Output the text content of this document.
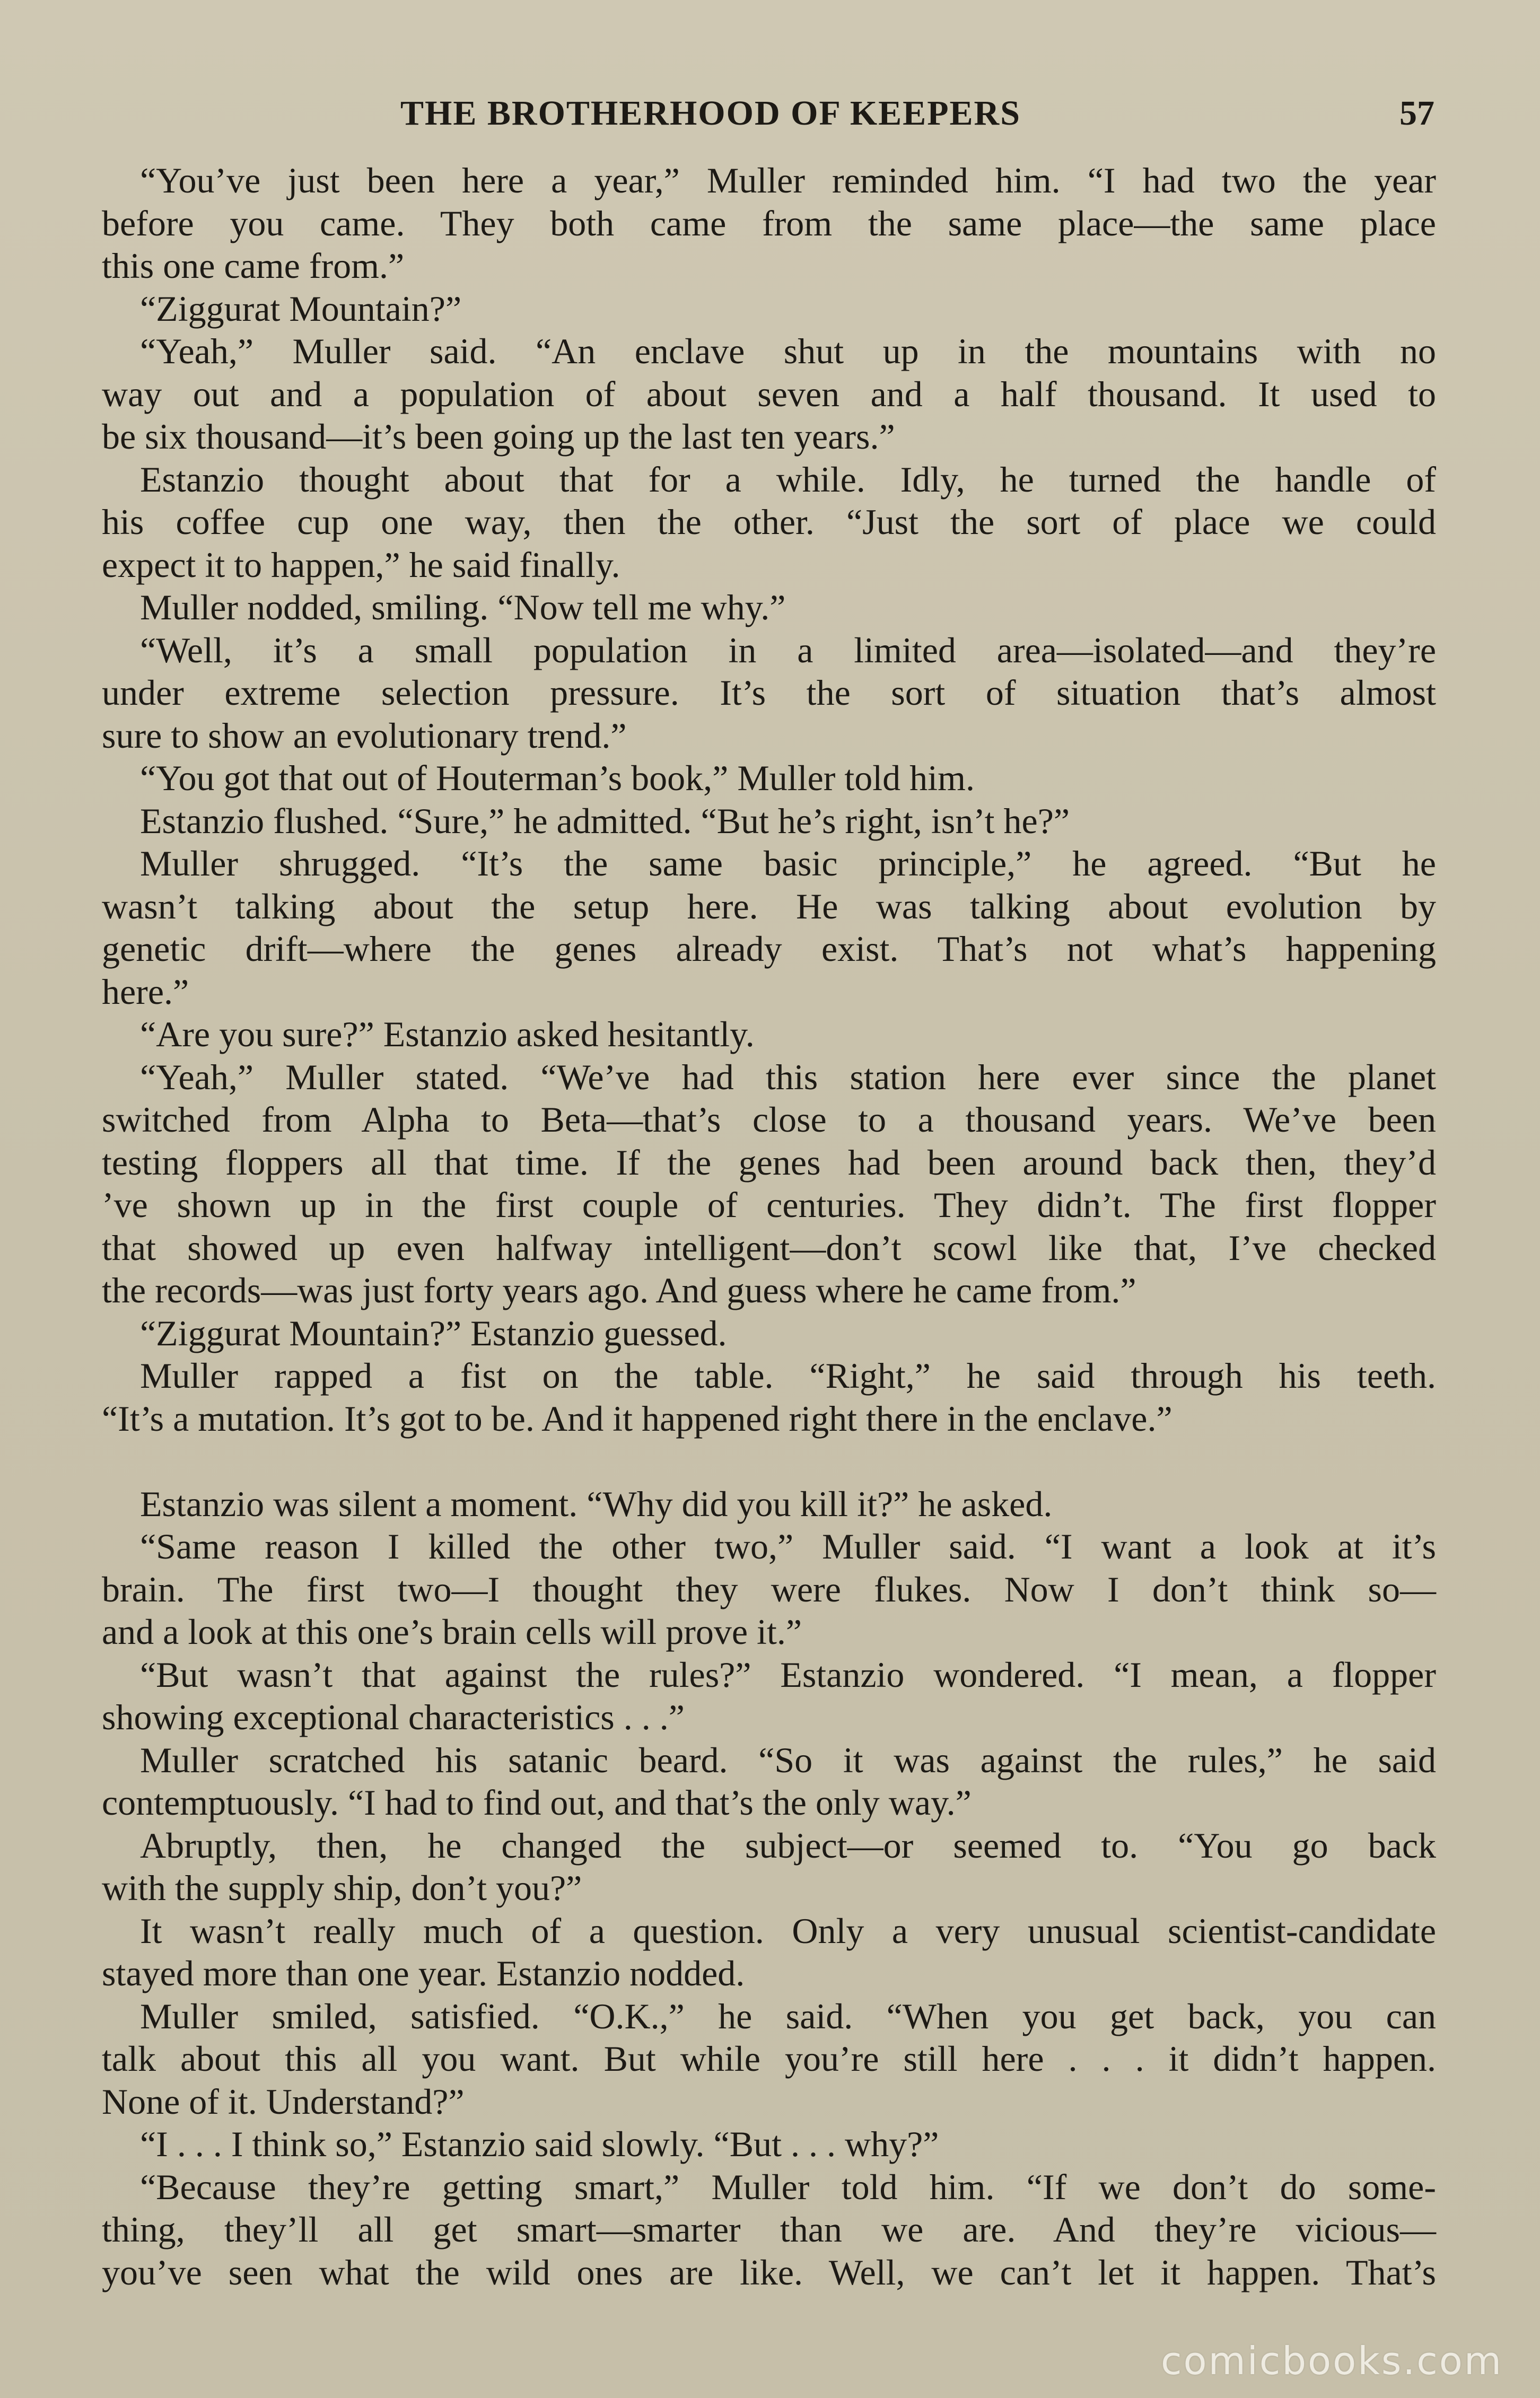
THE BROTHERHOOD OF KEEPERS	57
“You’ve just been here a year,” Muller reminded him. “I had two the year
before you came. They both came from the same place—the same place
this one came from.”
“Ziggurat Mountain?”
“Yeah,” Muller said. “An enclave shut up in the mountains with no
way out and a population of about seven and a half thousand. It used to
be six thousand—it’s been going up the last ten years.”
Estanzio thought about that for a while. Idly, he turned the handle of
his coffee cup one way, then the other. “Just the sort of place we could
expect it to happen,” he said finally.
Muller nodded, smiling. “Now tell me why.”
“Well, it’s a small population in a limited area—isolated—and they’re
under extreme selection pressure. It’s the sort of situation that’s almost
sure to show an evolutionary trend.”
“You got that out of Houterman’s book,” Muller told him.
Estanzio flushed. “Sure,” he admitted. “But he’s right, isn’t he?”
Muller shrugged. “It’s the same basic principle,” he agreed. “But he
wasn’t talking about the setup here. He was talking about evolution by
genetic drift—where the genes already exist. That’s not what’s happening
here.”
“Are you sure?” Estanzio asked hesitantly.
“Yeah,” Muller stated. “We’ve had this station here ever since the planet
switched from Alpha to Beta—that’s close to a thousand years. We’ve been
testing floppers all that time. If the genes had been around back then, they’d
’ve shown up in the first couple of centuries. They didn’t. The first flopper
that showed up even halfway intelligent—don’t scowl like that, I’ve checked
the records—was just forty years ago. And guess where he came from.”
“Ziggurat Mountain?” Estanzio guessed.
Muller rapped a fist on the table. “Right,” he said through his teeth.
“It’s a mutation. It’s got to be. And it happened right there in the enclave.”
Estanzio was silent a moment. “Why did you kill it?” he asked.
“Same reason I killed the other two,” Muller said. “I want a look at it’s
brain. The first two—I thought they were flukes. Now I don’t think so—
and a look at this one’s brain cells will prove it.”
“But wasn’t that against the rules?” Estanzio wondered. “I mean, a flopper
showing exceptional characteristics . . .”
Muller scratched his satanic beard. “So it was against the rules,” he said
contemptuously. “I had to find out, and that’s the only way.”
Abruptly, then, he changed the subject—or seemed to. “You go back
with the supply ship, don’t you?”
It wasn’t really much of a question. Only a very unusual scientist-candidate
stayed more than one year. Estanzio nodded.
Muller smiled, satisfied. “O.K.,” he said. “When you get back, you can
talk about this all you want. But while you’re still here . . . it didn’t happen.
None of it. Understand?”
“I . . . I think so,” Estanzio said slowly. “But . . . why?”
“Because they’re getting smart,” Muller told him. “If we don’t do some-
thing, they’ll all get smart—smarter than we are. And they’re vicious—
you’ve seen what the wild ones are like. Well, we can’t let it happen. That’s
comicbooks.com
